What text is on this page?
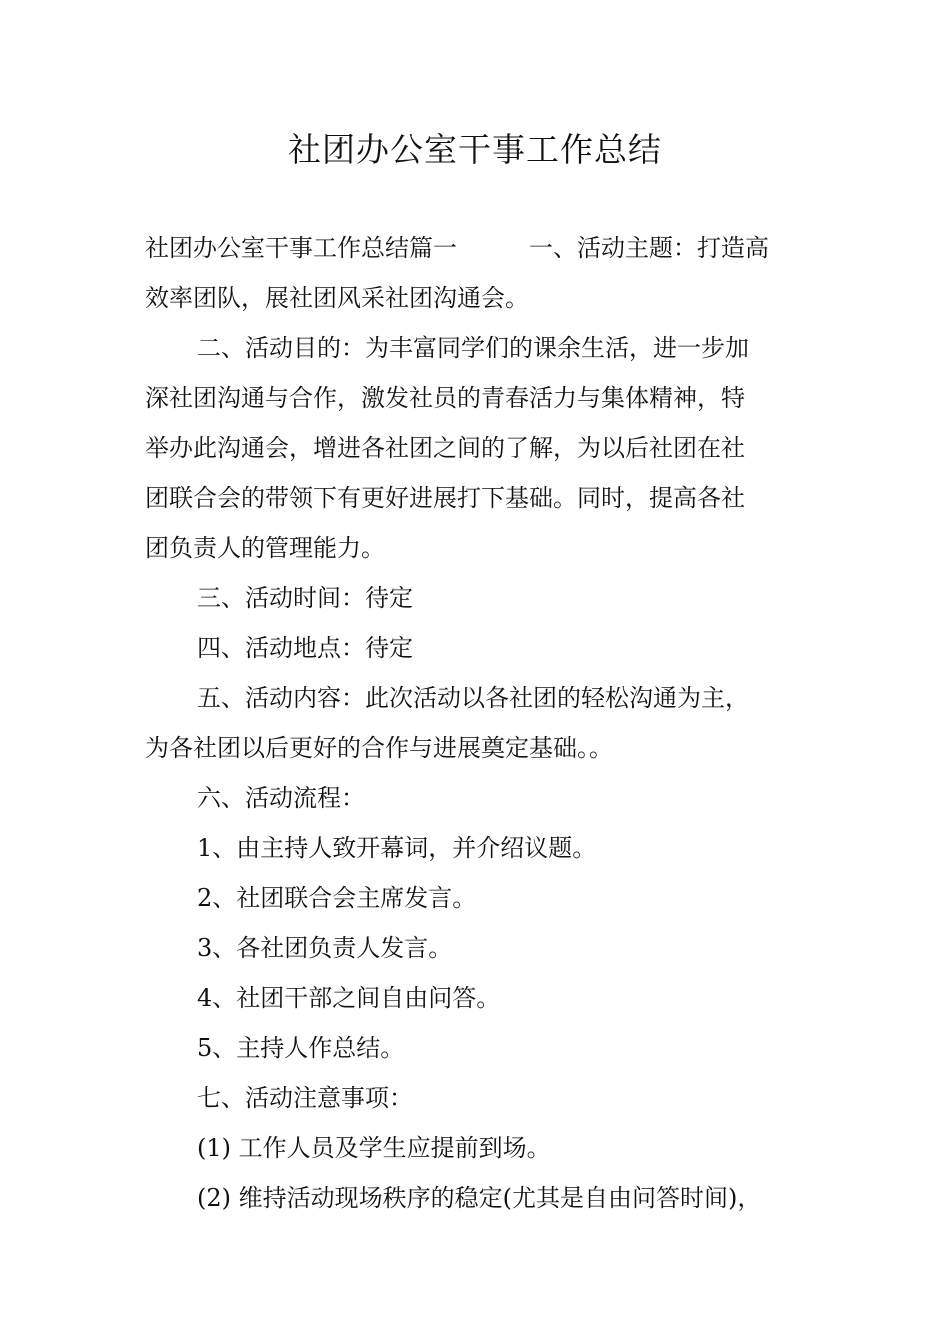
社团办公室干事工作总结
社团办公室干事工作总结篇一	一、活动主题：打造高
效率团队，展社团风采社团沟通会。
二、活动目的：为丰富同学们的课余生活，进一步加
深社团沟通与合作，激发社员的青春活力与集体精神，特
举办此沟通会，增进各社团之间的了解，为以后社团在社
团联合会的带领下有更好进展打下基础。同时，提高各社
团负责人的管理能力。
三、活动时间：待定
四、活动地点：待定
五、活动内容：此次活动以各社团的轻松沟通为主，
为各社团以后更好的合作与进展奠定基础。。
六、活动流程：
1、由主持人致开幕词，并介绍议题。
2、社团联合会主席发言。
3、各社团负责人发言。
4、社团干部之间自由问答。
5、主持人作总结。
七、活动注意事项：
(1) 工作人员及学生应提前到场。
(2) 维持活动现场秩序的稳定(尤其是自由问答时间)，
